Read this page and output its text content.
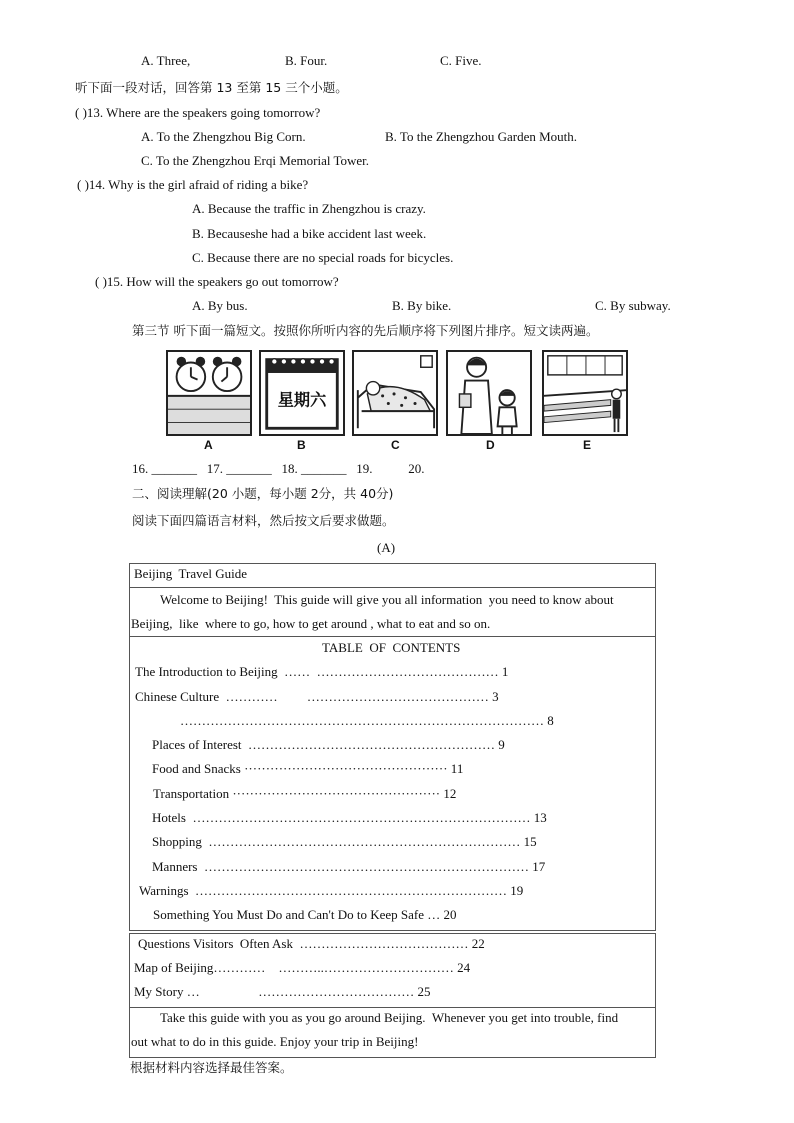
A. Three,	B. Four.	C. Five.
听下面一段对话，回答第 13 至第 15 三个小题。
( )13. Where are the speakers going tomorrow?
A. To the Zhengzhou Big Corn.	B. To the Zhengzhou Garden Mouth.
C. To the Zhengzhou Erqi Memorial Tower.
( )14. Why is the girl afraid of riding a bike?
A. Because the traffic in Zhengzhou is crazy.
B. Becauseshe had a bike accident last week.
C. Because there are no special roads for bicycles.
( )15. How will the speakers go out tomorrow?
A. By bus.	B. By bike.	C. By subway.
第三节 听下面一篇短文。按照你所听内容的先后顺序将下列图片排序。短文读两遍。
星期六
A	B	C	D	E
16. _______   17. _______   18. _______   19.           20.
二、阅读理解(20 小题，每小题 2分，共 40分)
阅读下面四篇语言材料，然后按文后要求做题。
(A)
Beijing  Travel Guide
Welcome to Beijing!  This guide will give you all information  you need to know about
Beijing,  like  where to go, how to get around , what to eat and so on.
TABLE  OF  CONTENTS
The Introduction to Beijing  ……  …………………………………… 1
Chinese Culture  …………         …………………………………… 3
………………………………………………………………………… 8
Places of Interest  ………………………………………………… 9
Food and Snacks ··············································· 11
Transportation ················································ 12
Hotels  …………………………………………………………………… 13
Shopping  ……………………………………………………………… 15
Manners  ………………………………………………………………… 17
Warnings  ……………………………………………………………… 19
Something You Must Do and Can't Do to Keep Safe … 20
Questions Visitors  Often Ask  ………………………………… 22
Map of Beijing…………    ………..………………………… 24
My Story …                  ……………………………… 25
Take this guide with you as you go around Beijing.  Whenever you get into trouble, find
out what to do in this guide. Enjoy your trip in Beijing!
根据材料内容选择最佳答案。
